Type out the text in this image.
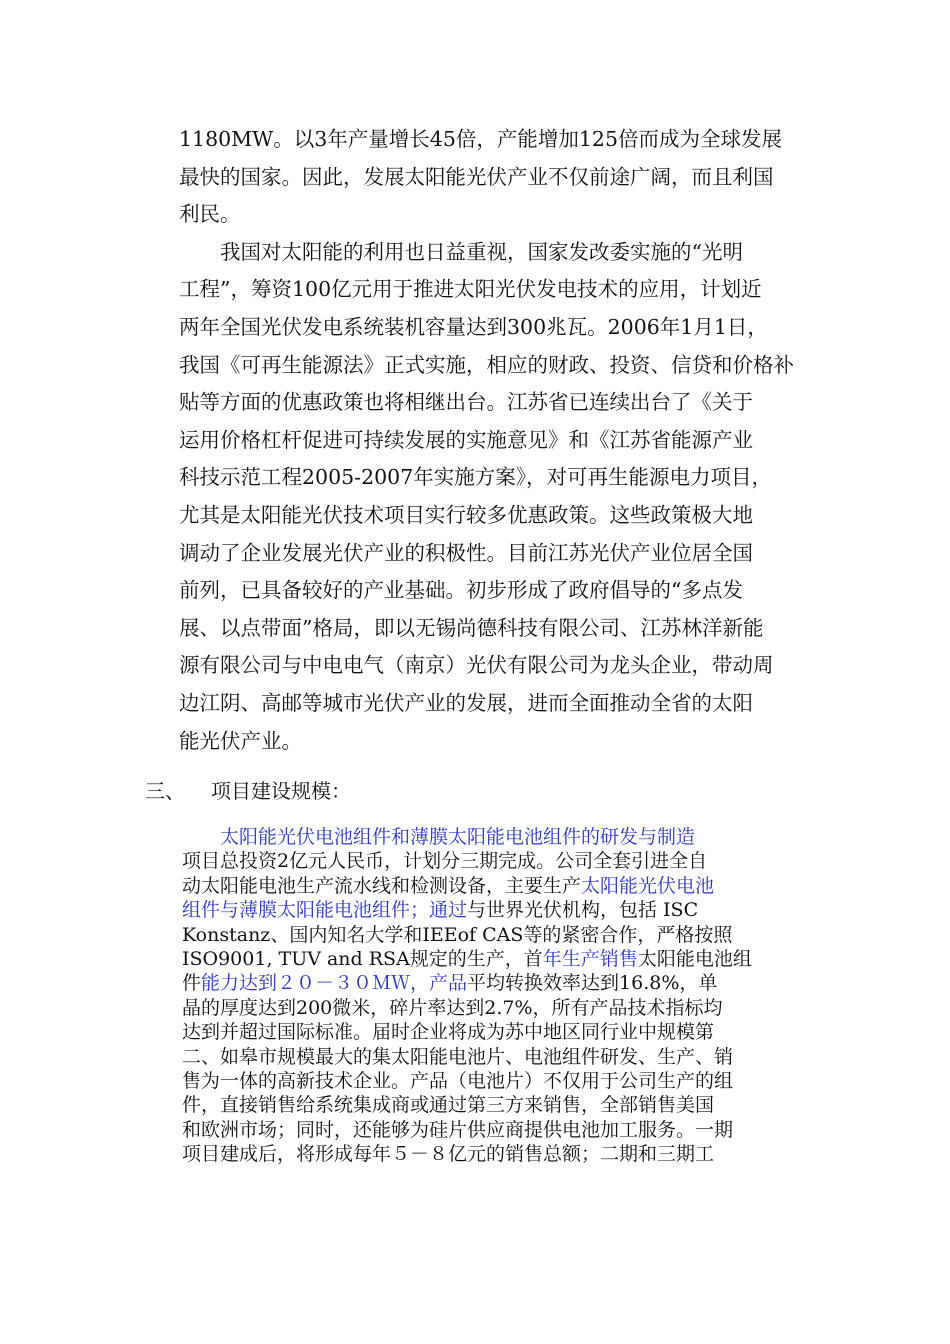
1180MW。以3年产量增长45倍，产能增加125倍而成为全球发展
最快的国家。因此，发展太阳能光伏产业不仅前途广阔，而且利国
利民。
　　我国对太阳能的利用也日益重视，国家发改委实施的“光明
工程”，筹资100亿元用于推进太阳光伏发电技术的应用，计划近
两年全国光伏发电系统装机容量达到300兆瓦。2006年1月1日，
我国《可再生能源法》正式实施，相应的财政、投资、信贷和价格补
贴等方面的优惠政策也将相继出台。江苏省已连续出台了《关于
运用价格杠杆促进可持续发展的实施意见》和《江苏省能源产业
科技示范工程2005-2007年实施方案》，对可再生能源电力项目，
尤其是太阳能光伏技术项目实行较多优惠政策。这些政策极大地
调动了企业发展光伏产业的积极性。目前江苏光伏产业位居全国
前列，已具备较好的产业基础。初步形成了政府倡导的“多点发
展、以点带面”格局，即以无锡尚德科技有限公司、江苏林洋新能
源有限公司与中电电气（南京）光伏有限公司为龙头企业，带动周
边江阴、高邮等城市光伏产业的发展，进而全面推动全省的太阳
能光伏产业。
三、 项目建设规模：
　　太阳能光伏电池组件和薄膜太阳能电池组件的研发与制造
项目总投资2亿元人民币，计划分三期完成。公司全套引进全自
动太阳能电池生产流水线和检测设备，主要生产太阳能光伏电池
组件与薄膜太阳能电池组件；通过与世界光伏机构，包括 ISC
Konstanz、国内知名大学和IEEof CAS等的紧密合作，严格按照
ISO9001, TUV and RSA规定的生产，首年生产销售太阳能电池组
件能力达到２０－３０ＭＷ，产品平均转换效率达到16.8%，单
晶的厚度达到200微米，碎片率达到2.7%，所有产品技术指标均
达到并超过国际标准。届时企业将成为苏中地区同行业中规模第
二、如皋市规模最大的集太阳能电池片、电池组件研发、生产、销
售为一体的高新技术企业。产品（电池片）不仅用于公司生产的组
件，直接销售给系统集成商或通过第三方来销售，全部销售美国
和欧洲市场；同时，还能够为硅片供应商提供电池加工服务。一期
项目建成后，将形成每年５－８亿元的销售总额；二期和三期工
